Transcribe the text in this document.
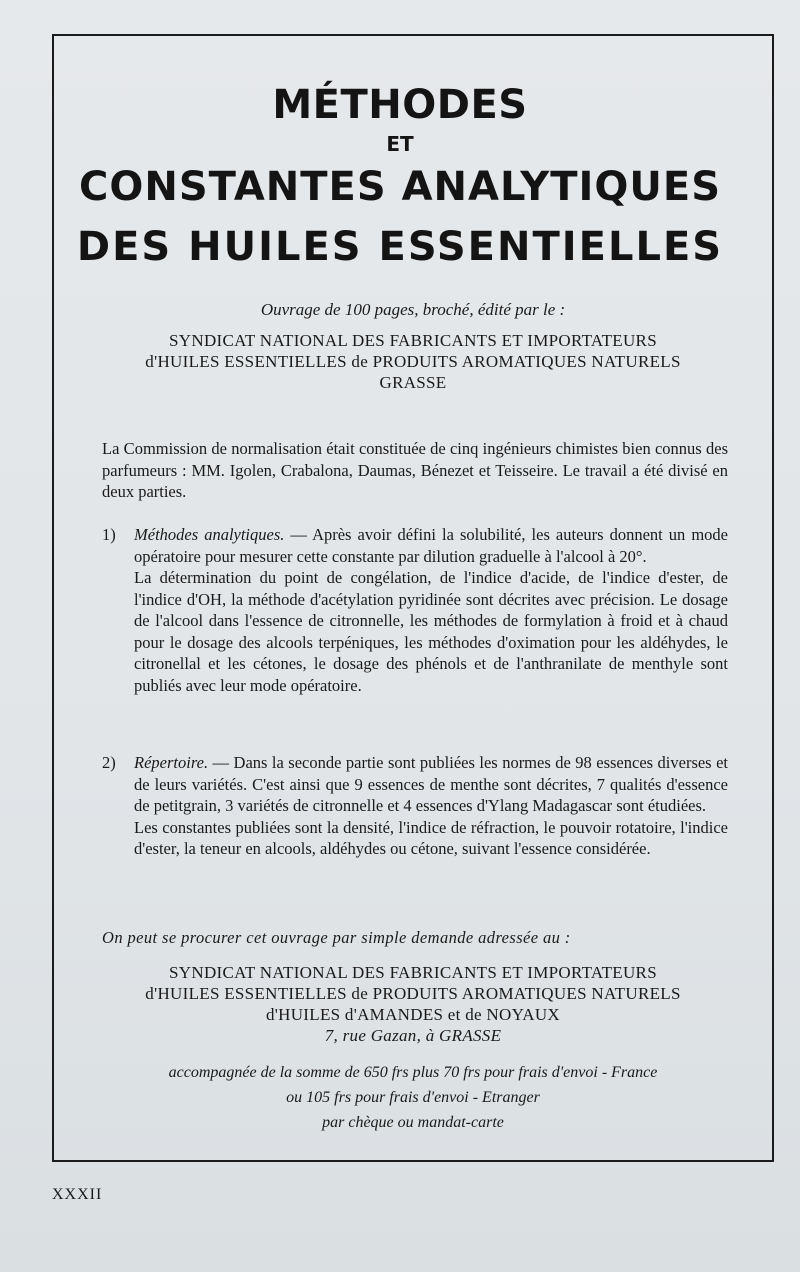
MÉTHODES
ET
CONSTANTES ANALYTIQUES
DES HUILES ESSENTIELLES
Ouvrage de 100 pages, broché, édité par le :

SYNDICAT NATIONAL DES FABRICANTS ET IMPORTATEURS

d'HUILES ESSENTIELLES de PRODUITS AROMATIQUES NATURELS

GRASSE

La Commission de normalisation était constituée de cinq ingénieurs chimistes bien connus des parfumeurs : MM. Igolen, Crabalona, Daumas, Bénezet et Teisseire. Le travail a été divisé en deux parties.

1) Méthodes analytiques. — Après avoir défini la solubilité, les auteurs donnent un mode opératoire pour mesurer cette constante par dilution graduelle à l'alcool à 20°.

La détermination du point de congélation, de l'indice d'acide, de l'indice d'ester, de l'indice d'OH, la méthode d'acétylation pyridinée sont décrites avec précision. Le dosage de l'alcool dans l'essence de citronnelle, les méthodes de formylation à froid et à chaud pour le dosage des alcools terpéniques, les méthodes d'oximation pour les aldéhydes, le citronellal et les cétones, le dosage des phénols et de l'anthranilate de menthyle sont publiés avec leur mode opératoire.

2) Répertoire. — Dans la seconde partie sont publiées les normes de 98 essences diverses et de leurs variétés. C'est ainsi que 9 essences de menthe sont décrites, 7 qualités d'essence de petitgrain, 3 variétés de citronnelle et 4 essences d'Ylang Madagascar sont étudiées.

Les constantes publiées sont la densité, l'indice de réfraction, le pouvoir rotatoire, l'indice d'ester, la teneur en alcools, aldéhydes ou cétone, suivant l'essence considérée.

On peut se procurer cet ouvrage par simple demande adressée au :

SYNDICAT NATIONAL DES FABRICANTS ET IMPORTATEURS

d'HUILES ESSENTIELLES de PRODUITS AROMATIQUES NATURELS

d'HUILES d'AMANDES et de NOYAUX

7, rue Gazan, à GRASSE

accompagnée de la somme de 650 frs plus 70 frs pour frais d'envoi - France

ou 105 frs pour frais d'envoi - Etranger

par chèque ou mandat-carte

XXXII
